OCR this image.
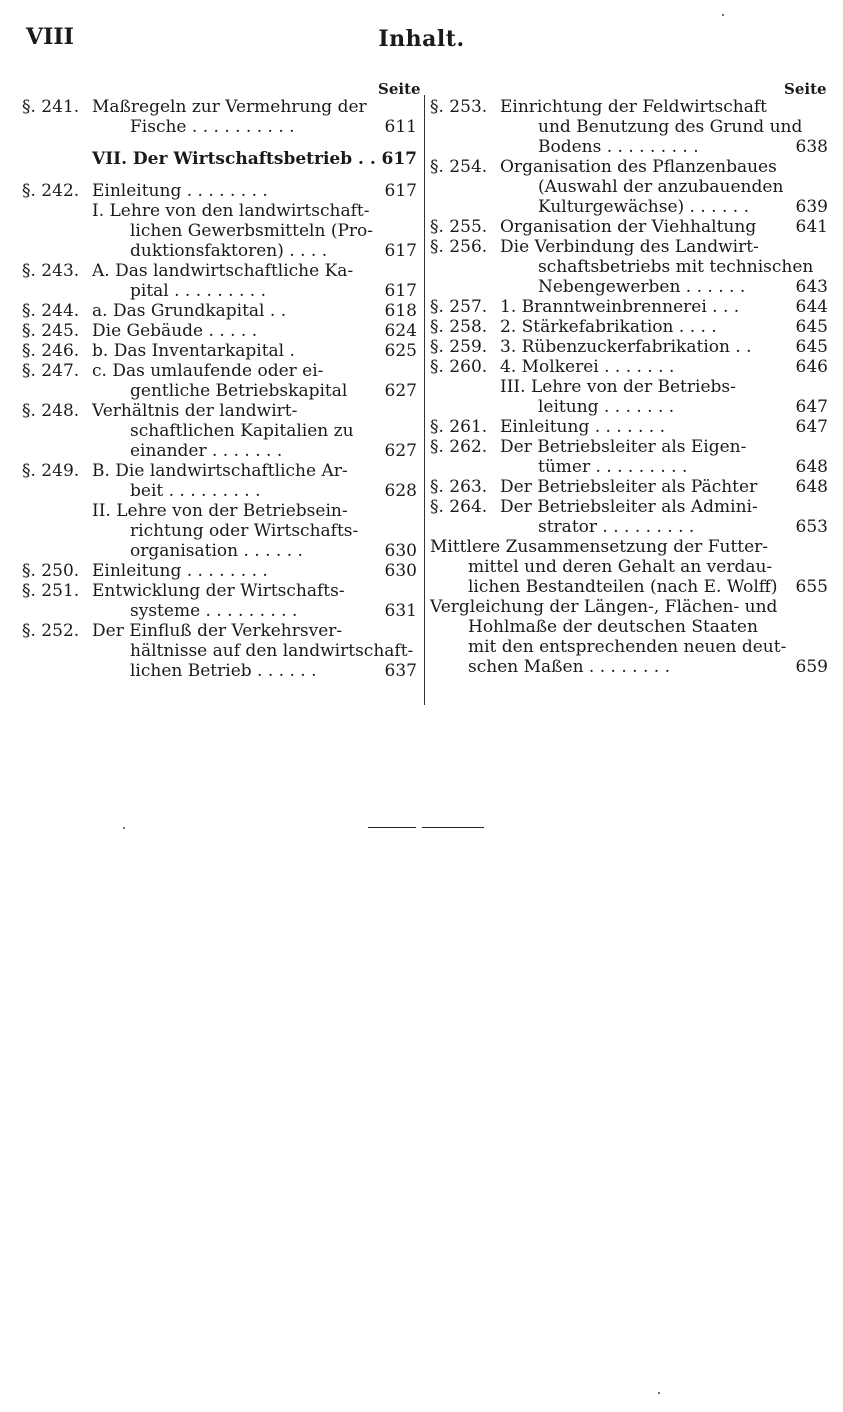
VIII	Inhalt.
Seite	Seite
§. 241. Maßregeln zur Vermehrung der
Fische . . . . . . . . . .	611
VII. Der Wirtschaftsbetrieb . . 617
§. 242. Einleitung . . . . . . . .	617
I. Lehre von den landwirtschaft-
lichen Gewerbsmitteln (Pro-
duktionsfaktoren) . . . .	617
§. 243. A. Das landwirtschaftliche Ka-
pital . . . . . . . . .	617
§. 244. a. Das Grundkapital . .	618
§. 245. Die Gebäude . . . . .	624
§. 246. b. Das Inventarkapital .	625
§. 247. c. Das umlaufende oder ei-
gentliche Betriebskapital	627
§. 248. Verhältnis der landwirt-
schaftlichen Kapitalien zu
einander . . . . . . .	627
§. 249. B. Die landwirtschaftliche Ar-
beit . . . . . . . . .	628
II. Lehre von der Betriebsein-
richtung oder Wirtschafts-
organisation . . . . . .	630
§. 250. Einleitung . . . . . . . .	630
§. 251. Entwicklung der Wirtschafts-
systeme . . . . . . . . .	631
§. 252. Der Einfluß der Verkehrsver-
hältnisse auf den landwirtschaft-
lichen Betrieb . . . . . .	637
§. 253. Einrichtung der Feldwirtschaft
und Benutzung des Grund und
Bodens . . . . . . . . .	638
§. 254. Organisation des Pflanzenbaues
(Auswahl der anzubauenden
Kulturgewächse) . . . . . .	639
§. 255. Organisation der Viehhaltung	641
§. 256. Die Verbindung des Landwirt-
schaftsbetriebs mit technischen
Nebengewerben . . . . . .	643
§. 257. 1. Branntweinbrennerei . . .	644
§. 258. 2. Stärkefabrikation . . . .	645
§. 259. 3. Rübenzuckerfabrikation . .	645
§. 260. 4. Molkerei . . . . . . .	646
III. Lehre von der Betriebs-
leitung . . . . . . .	647
§. 261. Einleitung . . . . . . .	647
§. 262. Der Betriebsleiter als Eigen-
tümer . . . . . . . . .	648
§. 263. Der Betriebsleiter als Pächter	648
§. 264. Der Betriebsleiter als Admini-
strator . . . . . . . . .	653
Mittlere Zusammensetzung der Futter-
mittel und deren Gehalt an verdau-
lichen Bestandteilen (nach E. Wolff) 655
Vergleichung der Längen-, Flächen- und
Hohlmaße der deutschen Staaten
mit den entsprechenden neuen deut-
schen Maßen . . . . . . . .	659
